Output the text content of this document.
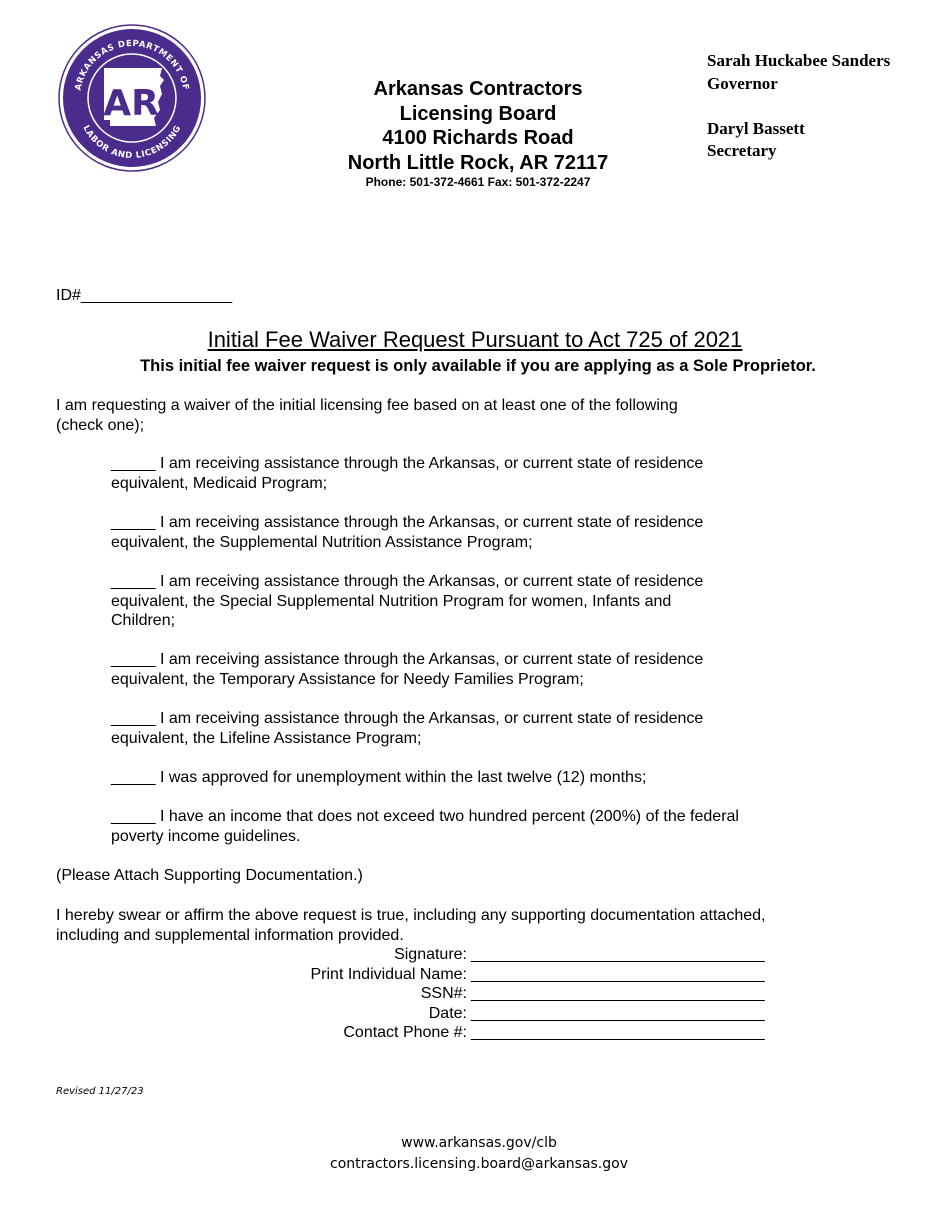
ARKANSAS DEPARTMENT OF
LABOR AND LICENSING
AR	Arkansas Contractors
Licensing Board
4100 Richards Road
North Little Rock, AR 72117
Phone: 501-372-4661 Fax: 501-372-2247
Sarah Huckabee Sanders
Governor
Daryl Bassett
Secretary
ID#_________________
Initial Fee Waiver Request Pursuant to Act 725 of 2021
This initial fee waiver request is only available if you are applying as a Sole Proprietor.
I am requesting a waiver of the initial licensing fee based on at least one of the following
(check one);
_____ I am receiving assistance through the Arkansas, or current state of residence
equivalent, Medicaid Program;
_____ I am receiving assistance through the Arkansas, or current state of residence
equivalent, the Supplemental Nutrition Assistance Program;
_____ I am receiving assistance through the Arkansas, or current state of residence
equivalent, the Special Supplemental Nutrition Program for women, Infants and
Children;
_____ I am receiving assistance through the Arkansas, or current state of residence
equivalent, the Temporary Assistance for Needy Families Program;
_____ I am receiving assistance through the Arkansas, or current state of residence
equivalent, the Lifeline Assistance Program;
_____ I was approved for unemployment within the last twelve (12) months;
_____ I have an income that does not exceed two hundred percent (200%) of the federal
poverty income guidelines.
(Please Attach Supporting Documentation.)
I hereby swear or affirm the above request is true, including any supporting documentation attached,
including and supplemental information provided.
Signature: _________________________________
Print Individual Name: _________________________________
SSN#: _________________________________
Date: _________________________________
Contact Phone #: _________________________________
Revised 11/27/23
www.arkansas.gov/clb
contractors.licensing.board@arkansas.gov
